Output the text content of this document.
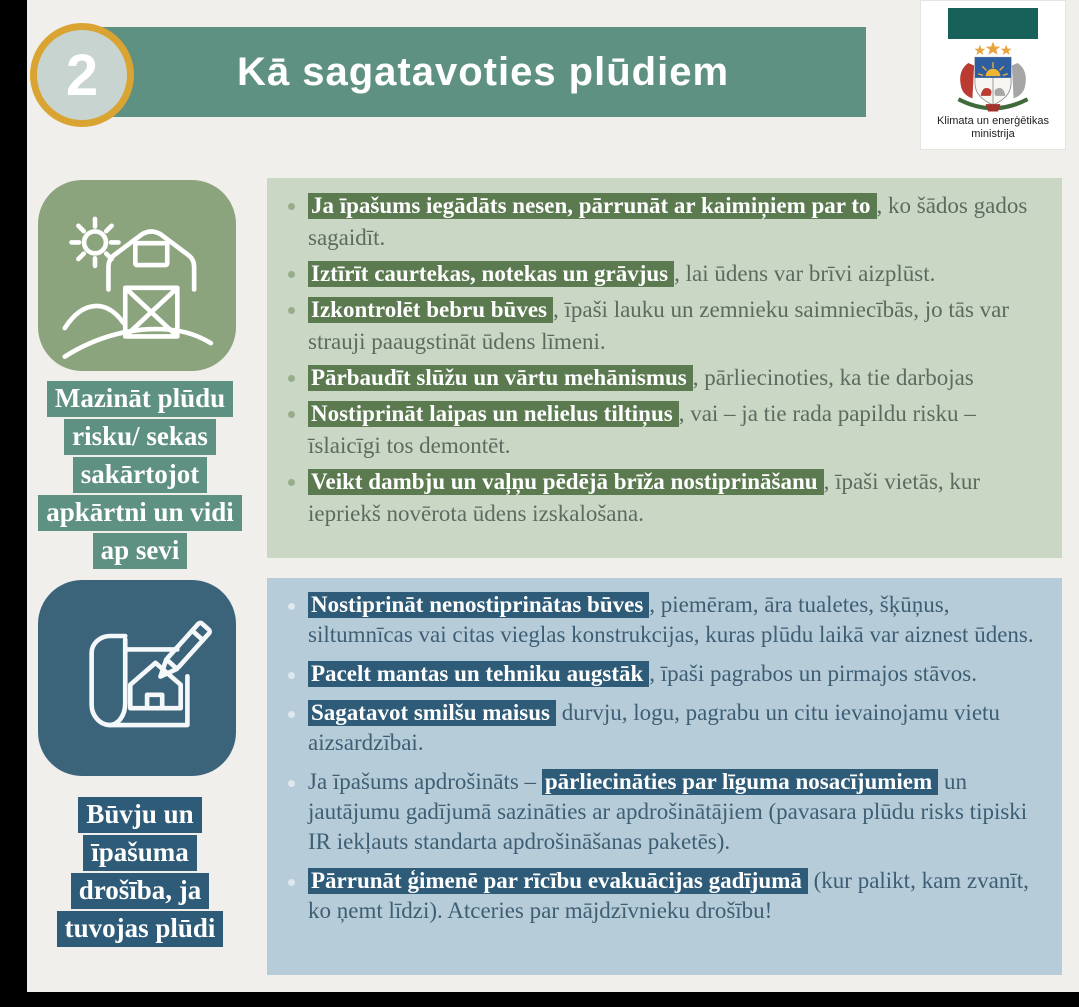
Kā sagatavoties plūdiem
2
Klimata un enerģētikas
ministrija
Mazināt plūdu
risku/ sekas
sakārtojot
apkārtni un vidi
ap sevi

Ja īpašums iegādāts nesen, pārrunāt ar kaimiņiem par to , ko šādos gados sagaidīt.

Iztīrīt caurtekas, notekas un grāvjus , lai ūdens var brīvi aizplūst.

Izkontrolēt bebru būves , īpaši lauku un zemnieku saimniecībās, jo tās var strauji paaugstināt ūdens līmeni.

Pārbaudīt slūžu un vārtu mehānismus , pārliecinoties, ka tie darbojas

Nostiprināt laipas un nelielus tiltiņus , vai – ja tie rada papildu risku – īslaicīgi tos demontēt.

Veikt dambju un vaļņu pēdējā brīža nostiprināšanu , īpaši vietās, kur iepriekš novērota ūdens izskalošana.

Būvju un
īpašuma
drošība, ja
tuvojas plūdi

Nostiprināt nenostiprinātas būves , piemēram, āra tualetes, šķūņus, siltumnīcas vai citas vieglas konstrukcijas, kuras plūdu laikā var aiznest ūdens.

Pacelt mantas un tehniku augstāk , īpaši pagrabos un pirmajos stāvos.

Sagatavot smilšu maisus durvju, logu, pagrabu un citu ievainojamu vietu aizsardzībai.

Ja īpašums apdrošināts – pārliecināties par līguma nosacījumiem un jautājumu gadījumā sazināties ar apdrošinātājiem (pavasara plūdu risks tipiski IR iekļauts standarta apdrošināšanas paketēs).

Pārrunāt ģimenē par rīcību evakuācijas gadījumā (kur palikt, kam zvanīt, ko ņemt līdzi). Atceries par mājdzīvnieku drošību!
